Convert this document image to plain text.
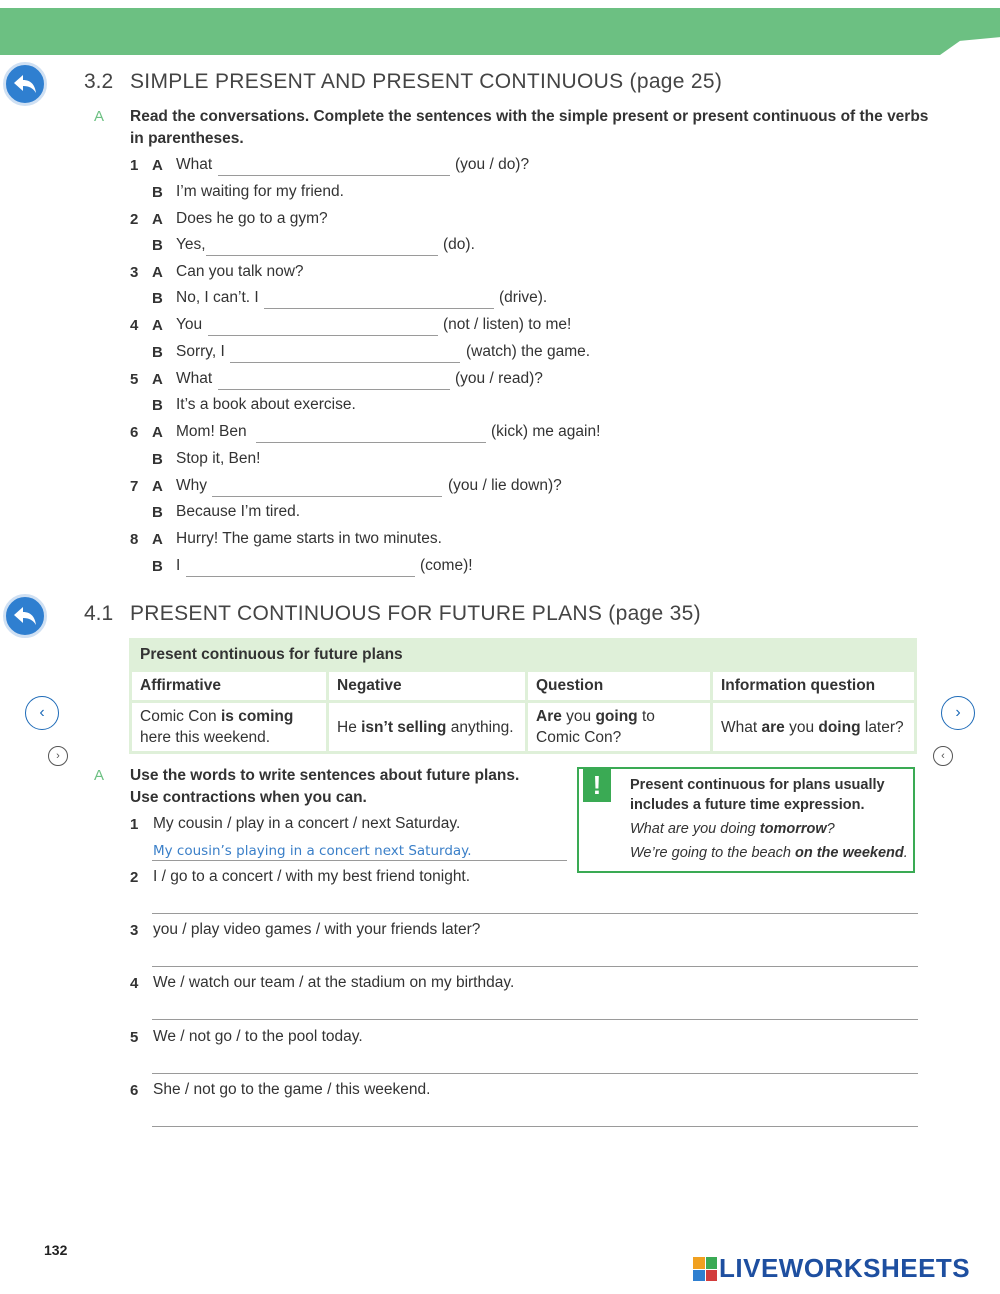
3.2 SIMPLE PRESENT AND PRESENT CONTINUOUS (page 25)
A Read the conversations. Complete the sentences with the simple present or present continuous of the verbs in parentheses.
1 A What	(you / do)?
B I’m waiting for my friend.
2 A Does he go to a gym?
B Yes,	(do).
3 A Can you talk now?
B No, I can’t. I	(drive).
4 A You	(not / listen) to me!
B Sorry, I	(watch) the game.
5 A What	(you / read)?
B It’s a book about exercise.
6 A Mom! Ben	(kick) me again!
B Stop it, Ben!
7 A Why	(you / lie down)?
B Because I’m tired.
8 A Hurry! The game starts in two minutes.
B I	(come)!
4.1 PRESENT CONTINUOUS FOR FUTURE PLANS (page 35)
Present continuous for future plans			
Affirmative	Negative	Question	Information question
Comic Con is coming here this weekend.	He isn’t selling anything.	Are you going to Comic Con?	What are you doing later?
‹
›
›
‹
A Use the words to write sentences about future plans.
Use contractions when you can.	!	Present continuous for plans usually
includes a future time expression.
What are you doing tomorrow?
We’re going to the beach on the weekend.
1 My cousin / play in a concert / next Saturday.
My cousin’s playing in a concert next Saturday.
2 I / go to a concert / with my best friend tonight.
3 you / play video games / with your friends later?
4 We / watch our team / at the stadium on my birthday.
5 We / not go / to the pool today.
6 She / not go to the game / this weekend.
132
LIVEWORKSHEETS
